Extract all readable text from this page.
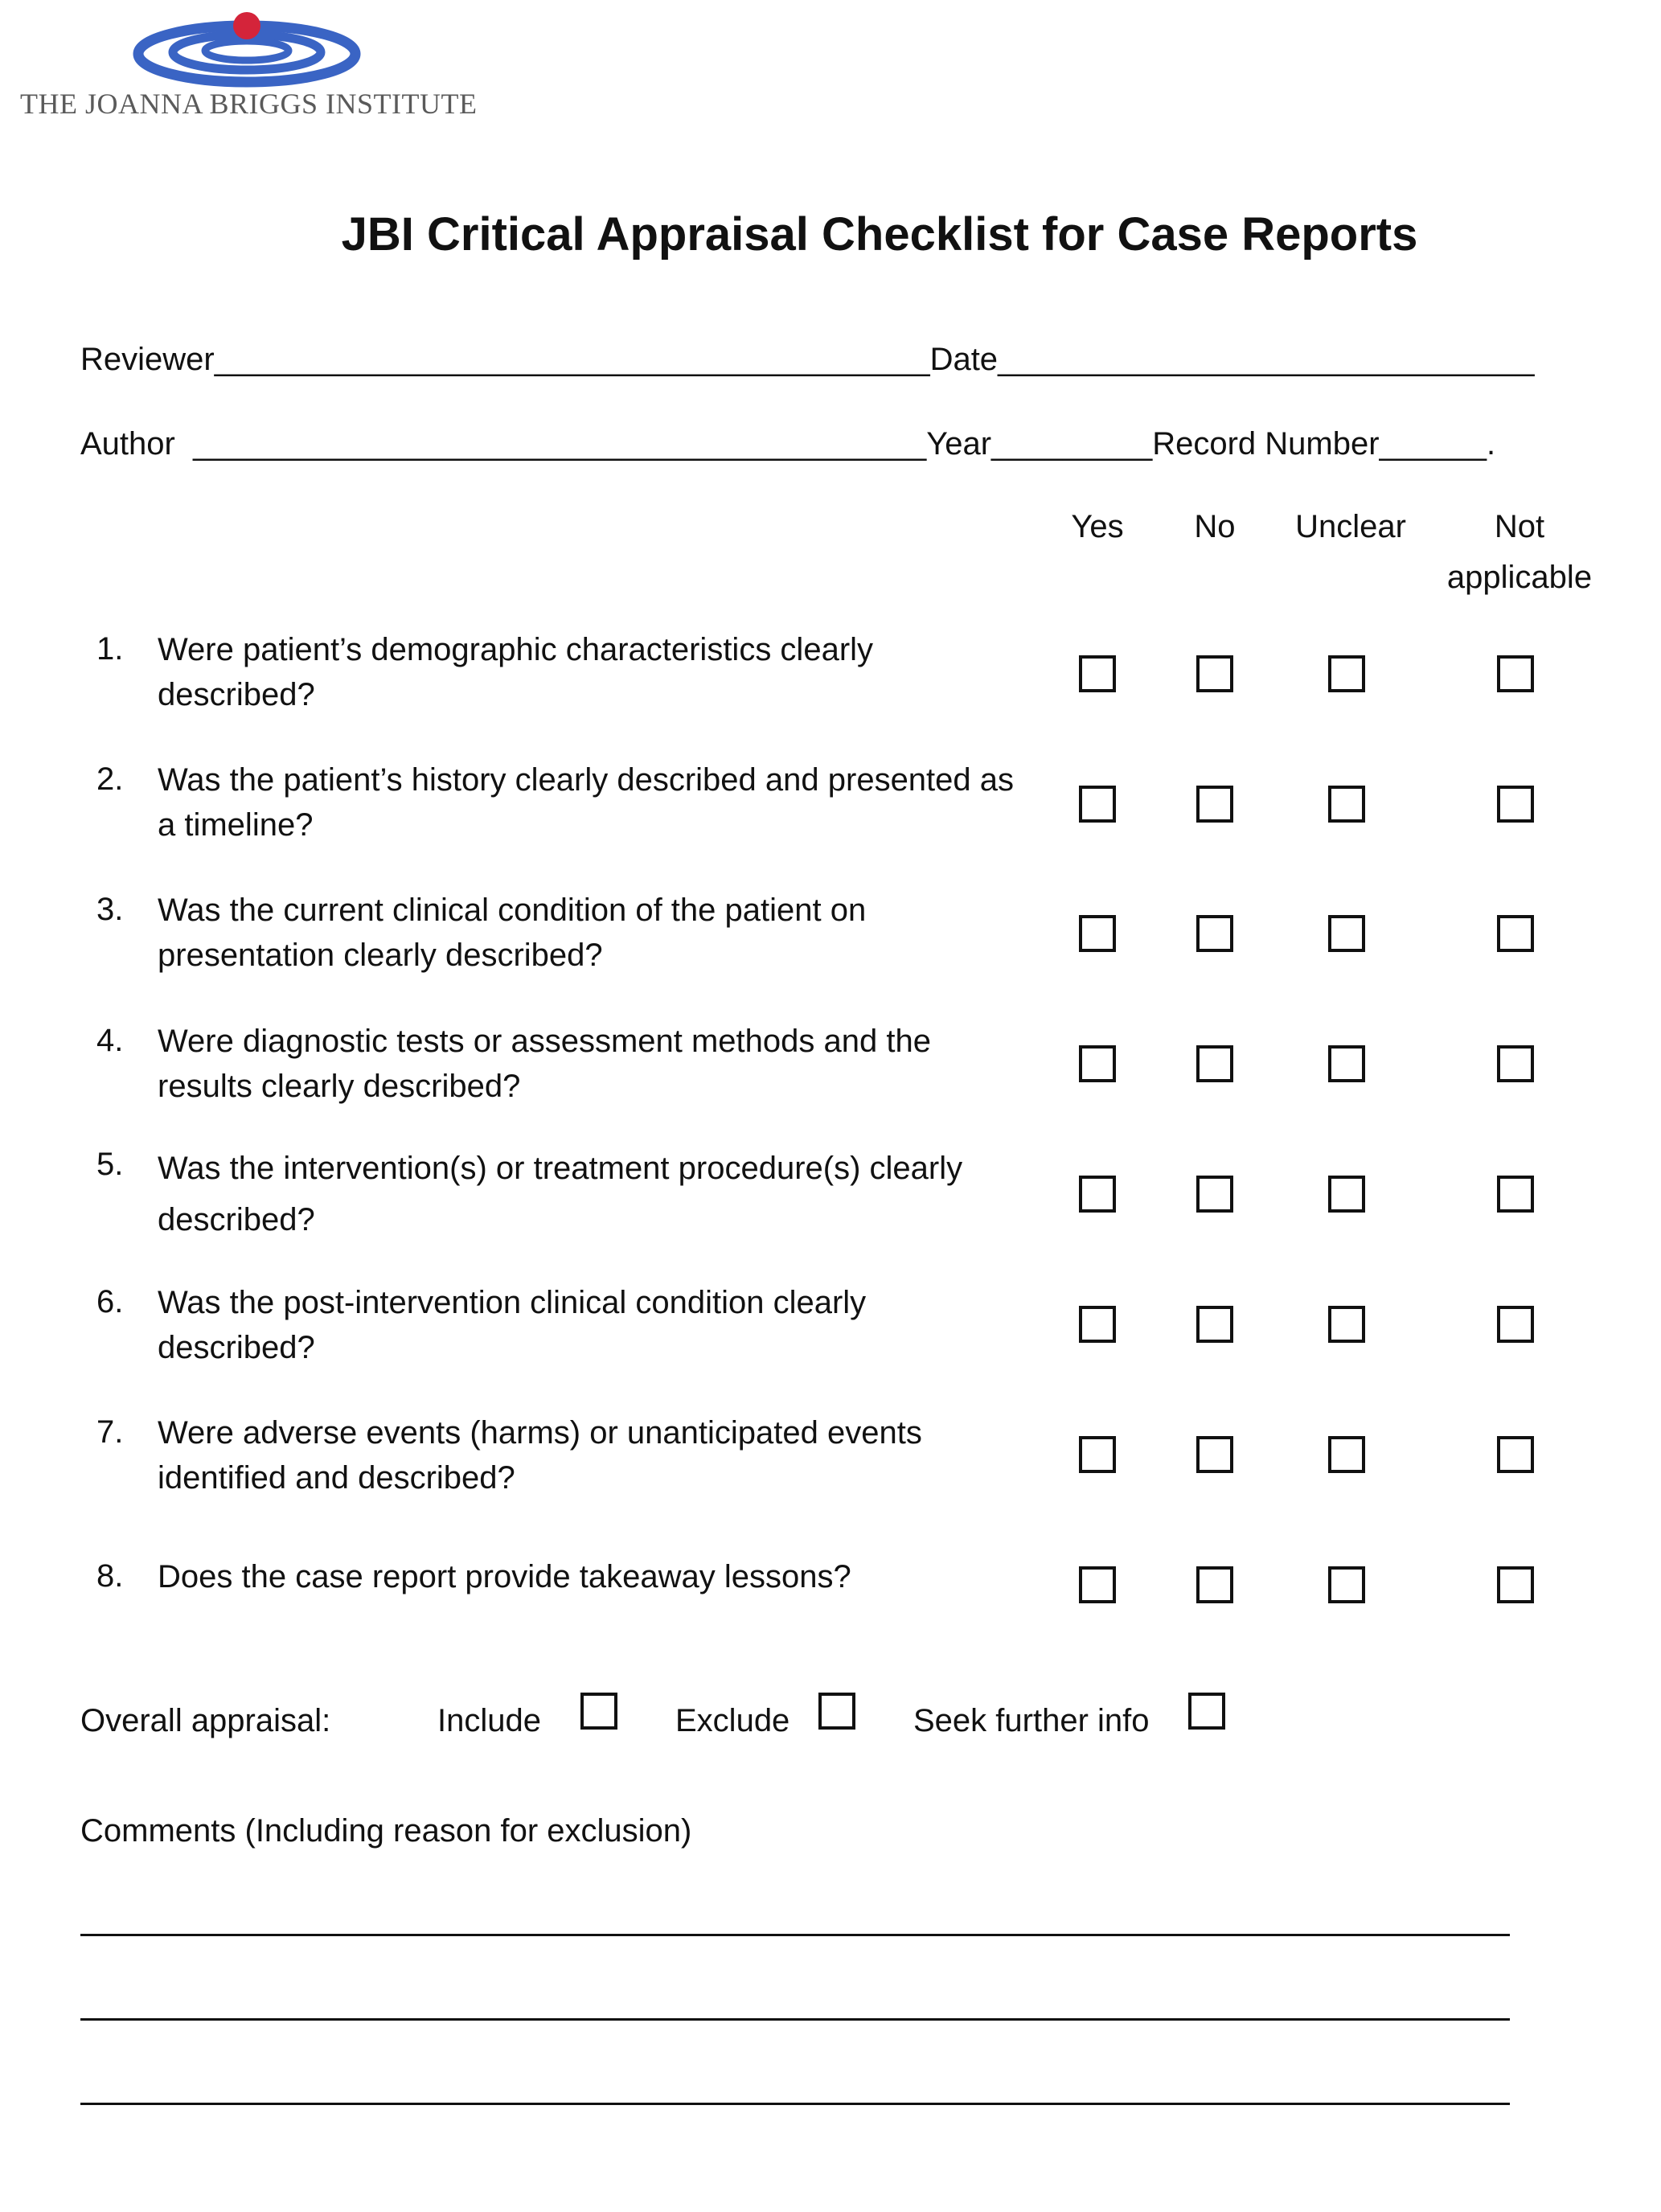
THE JOANNA BRIGGS INSTITUTE
JBI Critical Appraisal Checklist for Case Reports
Reviewer________________________________________Date______________________________
Author _________________________________________Year_________Record Number______.
Yes	No	Unclear	Not
applicable
1. Were patient’s demographic characteristics clearly described?
2. Was the patient’s history clearly described and presented as a timeline?
3. Was the current clinical condition of the patient on presentation clearly described?
4. Were diagnostic tests or assessment methods and the results clearly described?
5. Was the intervention(s) or treatment procedure(s) clearly described?
6. Was the post-intervention clinical condition clearly described?
7. Were adverse events (harms) or unanticipated events identified and described?
8. Does the case report provide takeaway lessons?
Overall appraisal:	Include	Exclude	Seek further info
Comments (Including reason for exclusion)
